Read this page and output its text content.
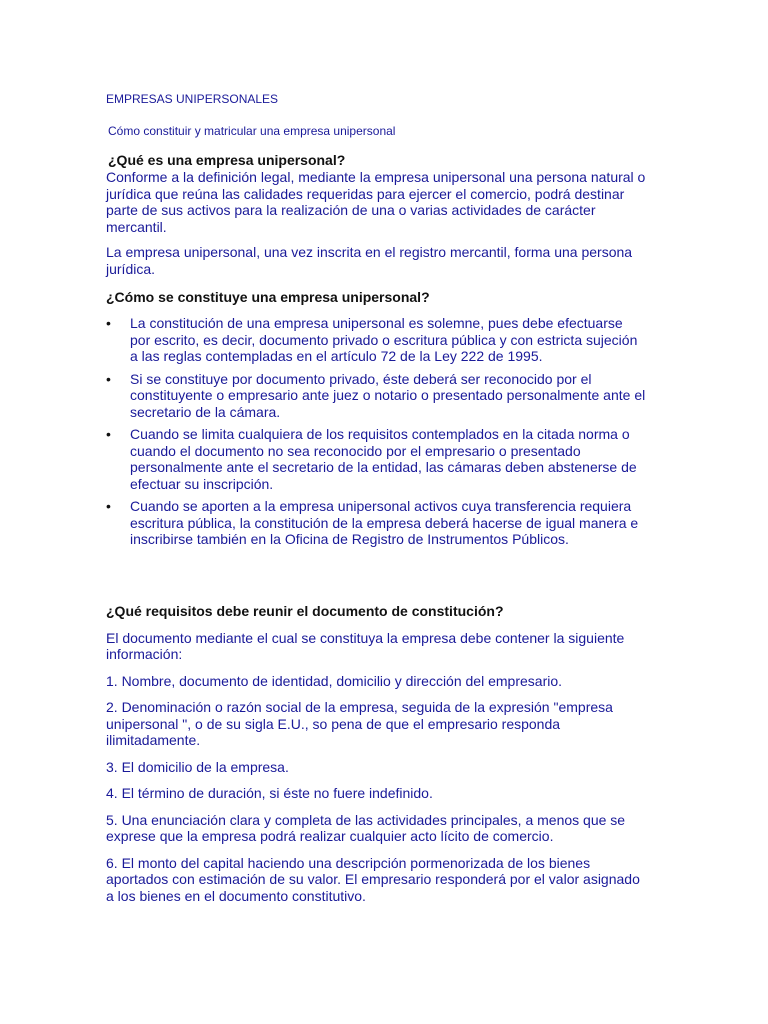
EMPRESAS UNIPERSONALES

Cómo constituir y matricular una empresa unipersonal

¿Qué es una empresa unipersonal?

Conforme a la definición legal, mediante la empresa unipersonal una persona natural o jurídica que reúna las calidades requeridas para ejercer el comercio, podrá destinar parte de sus activos para la realización de una o varias actividades de carácter mercantil.

La empresa unipersonal, una vez inscrita en el registro mercantil, forma una persona jurídica.

¿Cómo se constituye una empresa unipersonal?

• La constitución de una empresa unipersonal es solemne, pues debe efectuarse por escrito, es decir, documento privado o escritura pública y con estricta sujeción a las reglas contempladas en el artículo 72 de la Ley 222 de 1995.
• Si se constituye por documento privado, éste deberá ser reconocido por el constituyente o empresario ante juez o notario o presentado personalmente ante el secretario de la cámara.
• Cuando se limita cualquiera de los requisitos contemplados en la citada norma o cuando el documento no sea reconocido por el empresario o presentado personalmente ante el secretario de la entidad, las cámaras deben abstenerse de efectuar su inscripción.
• Cuando se aporten a la empresa unipersonal activos cuya transferencia requiera escritura pública, la constitución de la empresa deberá hacerse de igual manera e inscribirse también en la Oficina de Registro de Instrumentos Públicos.

¿Qué requisitos debe reunir el documento de constitución?

El documento mediante el cual se constituya la empresa debe contener la siguiente información:

1. Nombre, documento de identidad, domicilio y dirección del empresario.

2. Denominación o razón social de la empresa, seguida de la expresión "empresa unipersonal ", o de su sigla E.U., so pena de que el empresario responda ilimitadamente.

3. El domicilio de la empresa.

4. El término de duración, si éste no fuere indefinido.

5. Una enunciación clara y completa de las actividades principales, a menos que se exprese que la empresa podrá realizar cualquier acto lícito de comercio.

6. El monto del capital haciendo una descripción pormenorizada de los bienes aportados con estimación de su valor. El empresario responderá por el valor asignado a los bienes en el documento constitutivo.
